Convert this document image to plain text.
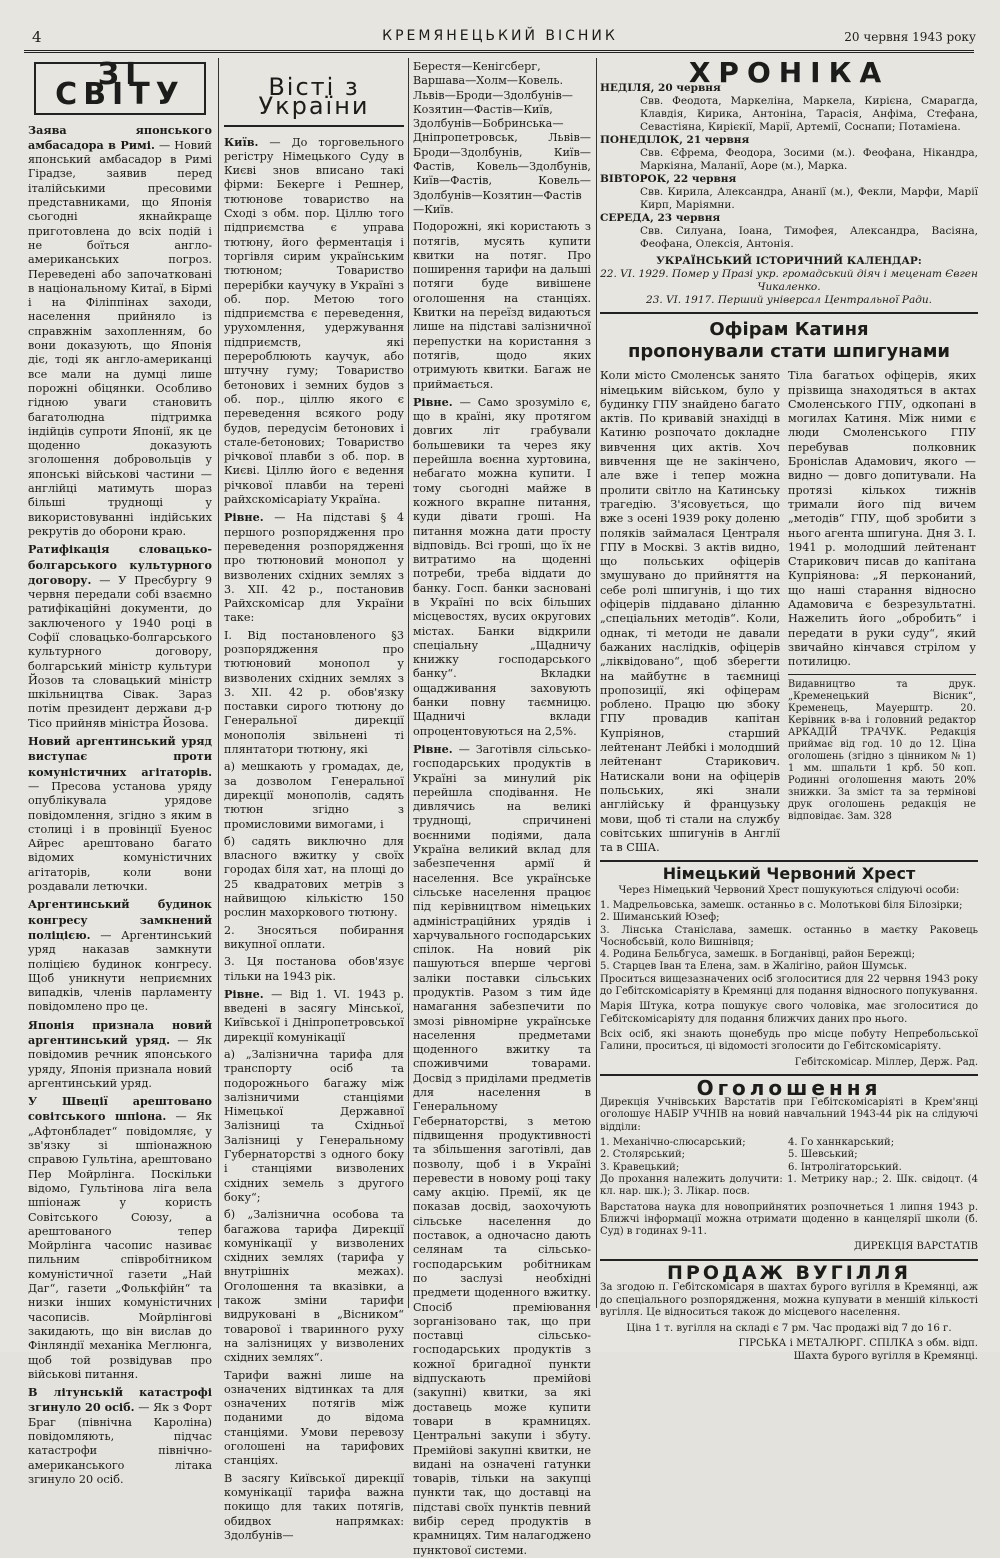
4	КРЕМЯНЕЦЬКИЙ ВІСНИК	20 червня 1943 року
ЗІ СВІТУ

Заява японського амбасадора в Римі. — Новий японський амбасадор в Римі Гірадзе, заявив перед італійськими пресовими представниками, що Японія сьогодні якнайкраще приготовлена до всіх подій і не боїться англо-американських погроз. Переведені або започатковані в національному Китаї, в Бірмі і на Філіппінах заходи, населення прийняло із справжнім захопленням, бо вони доказують, що Японія діє, тоді як англо-американці все мали на думці лише порожні обіцянки. Особливо гідною уваги становить багатолюдна підтримка індійців супроти Японії, як це щоденно доказують зголошення добровольців у японські військові частини — англійці матимуть шораз більші труднощі у використовуванні індійських рекрутів до оборони краю.

Ратифікація словацько-болгарського культурного договору. — У Пресбургу 9 червня передали собі взаємно ратифікаційні документи, до заключеного у 1940 році в Софії словацько-болгарського культурного договору, болгарський міністр культури Йозов та словацький міністр шкільництва Сівак. Зараз потім президент держави д-р Тісо прийняв міністра Йозова.

Новий аргентинський уряд виступає проти комуністичних агітаторів. — Пресова установа уряду опублікувала урядове повідомлення, згідно з яким в столиці і в провінції Буенос Айрес арештовано багато відомих комуністичних агітаторів, коли вони роздавали летючки.

Аргентинський будинок конгресу замкнений поліцією. — Аргентинський уряд наказав замкнути поліцією будинок конгресу. Щоб уникнути неприємних випадків, членів парламенту повідомлено про це.

Японія признала новий аргентинський уряд. — Як повідомив речник японського уряду, Японія признала новий аргентинський уряд.

У Швеції арештовано совітського шпіона. — Як „Афтонбладет“ повідомляє, у зв'язку зі шпіонажною справою Гультіна, арештовано Пер Мойрлінга. Поскільки відомо, Гультінова ліга вела шпіонаж у користь Совітського Союзу, а арештованого тепер Мойрлінга часопис називає пильним співробітником комуністичної газети „Най Даг“, газети „Фолькфійн“ та низки інших комуністичних часописів. Мойрлінгові закидають, що він вислав до Фінляндії механіка Меглюнга, щоб той розвідував про військові питання.

В літунській катастрофі згинуло 20 осіб. — Як з Форт Браг (північна Кароліна) повідомляють, підчас катастрофи північно-американського літака згинуло 20 осіб.

Вісті з України

Київ. — До торговельного регістру Німецького Суду в Києві знов вписано такі фірми: Бекерге і Решнер, тютюнове товариство на Сході з обм. пор. Ціллю того підприємства є управа тютюну, його ферментація і торгівля сирим українським тютюном; Товариство перерібки каучуку в Україні з об. пор. Метою того підприємства є переведення, урухомлення, удержування підприємств, які перероблюють каучук, або штучну гуму; Товариство бетонових і земних будов з об. пор., ціллю якого є переведення всякого роду будов, передусім бетонових і стале-бетонових; Товариство річкової плавби з об. пор. в Києві. Ціллю його є ведення річкової плавби на терені райхскомісаріату Україна.

Рівне. — На підставі § 4 першого розпорядження про переведення розпорядження про тютюновий монопол у визволених східних землях з 3. XII. 42 р., постановив Райхскомісар для України таке:

I. Від постановленого §3 розпорядження про тютюновий монопол у визволених східних землях з 3. XII. 42 р. обов'язку поставки сирого тютюну до Генеральної дирекції монополія звільнені ті плянтатори тютюну, які

а) мешкають у громадах, де, за дозволом Генеральної дирекції монополів, садять тютюн згідно з промисловими вимогами, і

б) садять виключно для власного вжитку у своїх городах біля хат, на площі до 25 квадратових метрів з найвищою кількістю 150 рослин махоркового тютюну.

2. Зносяться побирання викупної оплати.

3. Ця постанова обов'язує тільки на 1943 рік.

Рівне. — Від 1. VI. 1943 р. введені в засягу Мінської, Київської і Дніпропетровської дирекції комунікації

а) „Залізнична тарифа для транспорту осіб та подорожнього багажу між залізничими станціями Німецької Державної Залізниці та Східньої Залізниці у Генеральному Губернаторстві з одного боку і станціями визволених східних земель з другого боку“;

б) „Залізнична особова та багажова тарифа Дирекції комунікації у визволених східних землях (тарифа у внутрішніх межах). Оголошення та вказівки, а також зміни тарифи видруковані в „Вісником“ товарової і тваринного руху на залізницях у визволених східних землях“.

Тарифи важні лише на означених відтинках та для означених потягів між поданими до відома станціями. Умови перевозу оголошені на тарифових станціях.

В засягу Київської дирекції комунікації тарифа важна покищо для таких потягів, обидвох напрямках: Здолбунів—

Берестя—Кенігсберг, Варшава—Холм—Ковель. Львів—Броди—Здолбунів—Козятин—Фастів—Київ, Здолбунів—Бобринська—Дніпропетровськ, Львів—Броди—Здолбунів, Київ—Фастів, Ковель—Здолбунів, Київ—Фастів, Ковель—Здолбунів—Козятин—Фастів—Київ.

Подорожні, які користають з потягів, мусять купити квитки на потяг. Про поширення тарифи на дальші потяги буде вивішене оголошення на станціях. Квитки на переїзд видаються лише на підставі залізничної перепустки на користання з потягів, щодо яких отримують квитки. Багаж не приймається.

Рівне. — Само зрозуміло є, що в країні, яку протягом довгих літ грабували большевики та через яку перейшла воєнна хуртовина, небагато можна купити. І тому сьогодні майже в кожного вкрапне питання, куди дівати гроші. На питання можна дати просту відповідь. Всі гроші, що їх не витратимо на щоденні потреби, треба віддати до банку. Госп. банки засновані в Україні по всіх більших місцевостях, вусих округових містах. Банки відкрили спеціальну „Щадничу книжку господарського банку“. Вкладки ощадживання заховують банки повну таємницю. Щадничі вклади опроцентовуються на 2,5%.

Рівне. — Заготівля сільсько-господарських продуктів в Україні за минулий рік перейшла сподівання. Не дивлячись на великі труднощі, спричинені воєнними подіями, дала Україна великий вклад для забезпечення армії й населення. Все українське сільське населення працює під керівництвом німецьких адміністраційних урядів і харчувального господарських спілок. На новий рік пашуються вперше чергові заліки поставки сільських продуктів. Разом з тим йде намагання забезпечити по змозі рівномірне українське населення предметами щоденного вжитку та споживчими товарами. Досвід з приділами предметів для населення в Генеральному Гебернаторстві, з метою підвищення продуктивності та збільшення заготівлі, дав позволу, щоб і в Україні перевести в новому році таку саму акцію. Премії, як це показав досвід, заохочують сільське населення до поставок, а одночасно дають селянам та сільсько-господарським робітникам по заслузі необхідні предмети щоденного вжитку. Спосіб преміювання зорганізовано так, що при поставці сільсько-господарських продуктів з кожної бригадної пункти відпускають премійові (закупні) квитки, за які доставець може купити товари в крамницях. Центральні закупи і збуту. Премійові закупні квитки, не видані на означені гатунки товарів, тільки на закупці пункти так, що доставці на підставі своїх пунктів певний вибір серед продуктів в крамницях. Тим налагоджено пунктової системи.

ХРОНІКА

НЕДІЛЯ, 20 червня

Свв. Феодота, Маркеліна, Маркела, Кирієна, Смарагда, Клавдія, Кирика, Антоніна, Тарасія, Анфіма, Стефана, Севастіяна, Кирієкії, Марії, Артемії, Соснапи; Потаміена.

ПОНЕДІЛОК, 21 червня

Свв. Єфрема, Феодора, Зосими (м.). Феофана, Нікандра, Маркіяна, Маланії, Аоре (м.), Марка.

ВІВТОРОК, 22 червня

Свв. Кирила, Александра, Ананії (м.), Фекли, Марфи, Марії Кирп, Маріямни.

СЕРЕДА, 23 червня

Свв. Силуана, Іоана, Тимофея, Александра, Васіяна, Феофана, Олексія, Антонія.

УКРАЇНСЬКИЙ ІСТОРИЧНИЙ КАЛЕНДАР:
22. VI. 1929. Помер у Празі укр. громадський діяч і меценат Євген Чикаленко.
23. VI. 1917. Перший універсал Центральної Ради.
Офірам Катиня
пропонували стати шпигунами
Коли місто Смоленськ занято німецьким військом, було у будинку ГПУ знайдено багато актів. По кривавій знахідці в Катиню розпочато докладне вивчення цих актів. Хоч вивчення ще не закінчено, але вже і тепер можна пролити світло на Катинську трагедію. З'ясовується, що вже з осені 1939 року доленю поляків займалася Централя ГПУ в Москві. З актів видно, що польських офіцерів змушувано до прийняття на себе ролі шпигунів, і що тих офіцерів піддавано діланню „спеціальних методів“. Коли, однак, ті методи не давали бажаних наслідків, офіцерів „ліквідовано“, щоб зберегти на майбутнє в таємниці пропозиції, які офіцерам роблено. Працю цю збоку ГПУ провадив капітан Купріянов, старший лейтенант Лейбкі і молодший лейтенант Старикович. Натискали вони на офіцерів польських, які знали англійську й французьку мови, щоб ті стали на службу совітських шпигунів в Англії та в США.
Тіла багатьох офіцерів, яких прізвища знаходяться в актах Смоленського ГПУ, одкопані в могилах Катиня. Між ними є люди Смоленського ГПУ перебував полковник Броніслав Адамович, якого — видно — довго допитували. На протязі кількох тижнів тримали його під вичем „методів“ ГПУ, щоб зробити з нього агента шпигуна. Дня 3. І. 1941 р. молодший лейтенант Старикович писав до капітана Купріянова: „Я перконаний, що наші старання відносно Адамовича є безрезультатні. Нажелить його „обробить“ і передати в руки суду“, який звичайно кінчався стрілом у потилицю.
Видавництво та друк. „Кременецький Вісник“, Кременець, Мауерштр. 20. Керівник в-ва і головний редактор АРКАДІЙ ТРАЧУК. Редакція приймає від год. 10 до 12. Ціна оголошень (згідно з цінником № 1) 1 мм. шпальти 1 крб. 50 коп. Родинні оголошення мають 20% знижки. За зміст та за термінові друк оголошень редакція не відповідає. Зам. 328
Німецький Червоний Хрест

Через Німецький Червоний Хрест пошукуються слідуючі особи:

1. Мадрельовська, замешк. останньо в с. Молотькові біля Білозірки;

2. Шиманський Юзеф;

3. Лінська Станіслава, замешк. останньо в маєтку Раковець Чоснобсьвій, коло Вишнівця;

4. Родина Бельбгуса, замешк. в Богданівці, район Бережці;

5. Старцев Іван та Елена, зам. в Жалігіно, район Шумськ.

Проситься вищезазначених осіб зголоситися для 22 червня 1943 року до Гебітскомісаріяту в Кремянці для подання відносного попукування.

Марія Штука, котра пошукує свого чоловіка, має зголоситися до Гебітскомісаріяту для подання ближчих даних про нього.

Всіх осіб, які знають щонебудь про місце побуту Непребольської Галини, проситься, ці відомості зголосити до Гебітскомісаріяту.

Гебітскомісар. Міллер, Держ. Рад.

Оголошення

Дирекція Учнівських Варстатів при Гебітскомісаріяті в Крем'янці оголошує НАБІР УЧНІВ на новий навчальний 1943-44 рік на слідуючі відділи:

1. Механічно-слюсарський;
2. Столярський;
3. Кравецький;
4. Го ханнкарський;
5. Шевський;
6. Інтролігаторський.

До прохання належить долучити: 1. Метрику нар.; 2. Шк. свідоцт. (4 кл. нар. шк.); 3. Лікар. посв.

Варстатова наука для новоприйнятих розпочнеться 1 липня 1943 р. Ближчі інформації можна отримати щоденно в канцелярії школи (б. Суд) в годинах 9-11.

ДИРЕКЦІЯ ВАРСТАТІВ

ПРОДАЖ ВУГІЛЛЯ

За згодою п. Гебітскомісаря в шахтах бурого вугілля в Кремянці, аж до спеціального розпорядження, можна купувати в меншій кількості вугілля. Це відноситься також до місцевого населення.

Ціна 1 т. вугілля на складі є 7 рм. Час продажі від 7 до 16 г.

ГІРСЬКА і МЕТАЛЮРГ. СПІЛКА з обм. відп.

Шахта бурого вугілля в Кремянці.
